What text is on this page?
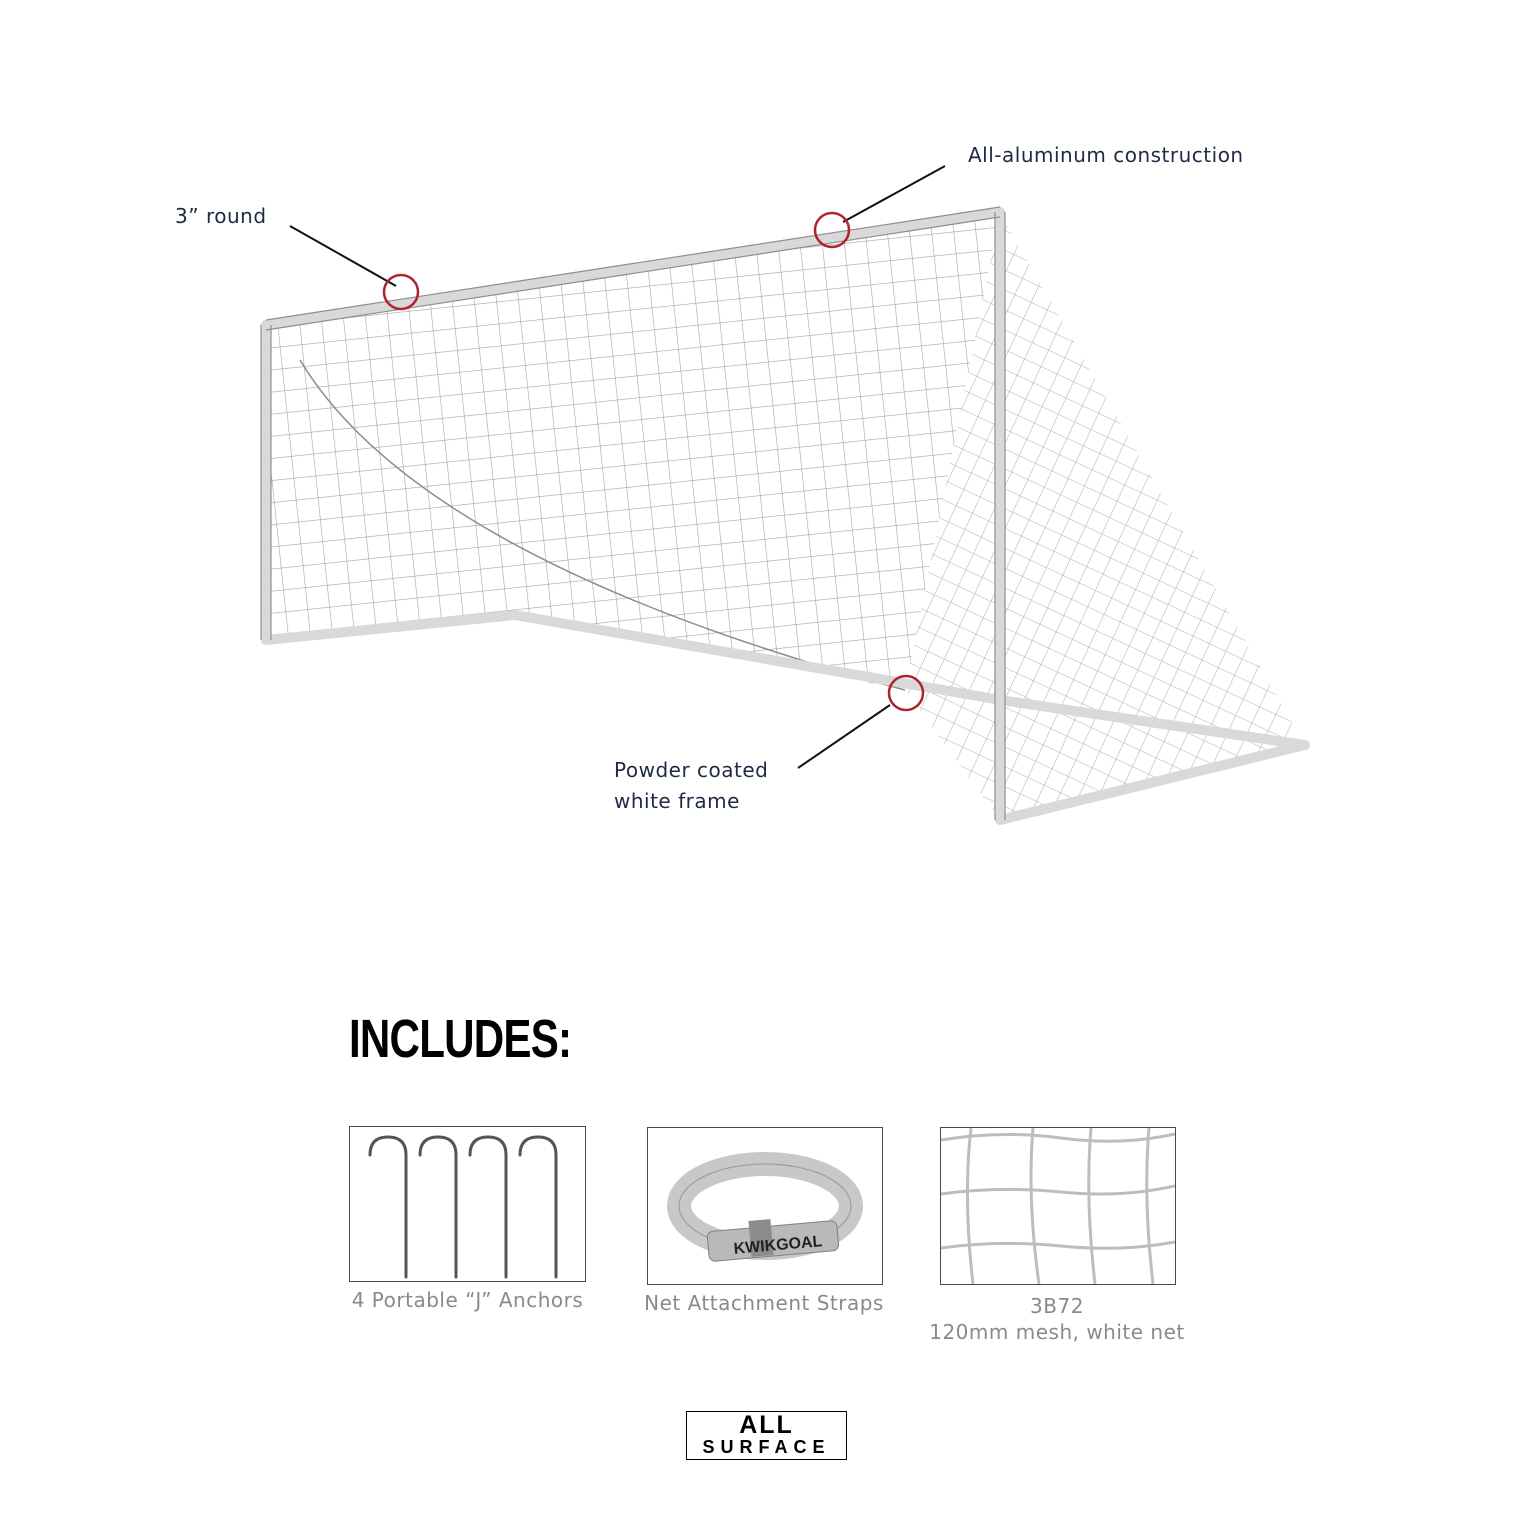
3” round
All-aluminum construction
Powder coated
white frame
INCLUDES:
4 Portable “J” Anchors
KWIKGOAL
Net Attachment Straps	3B72
120mm mesh, white net
ALL
SURFACE
